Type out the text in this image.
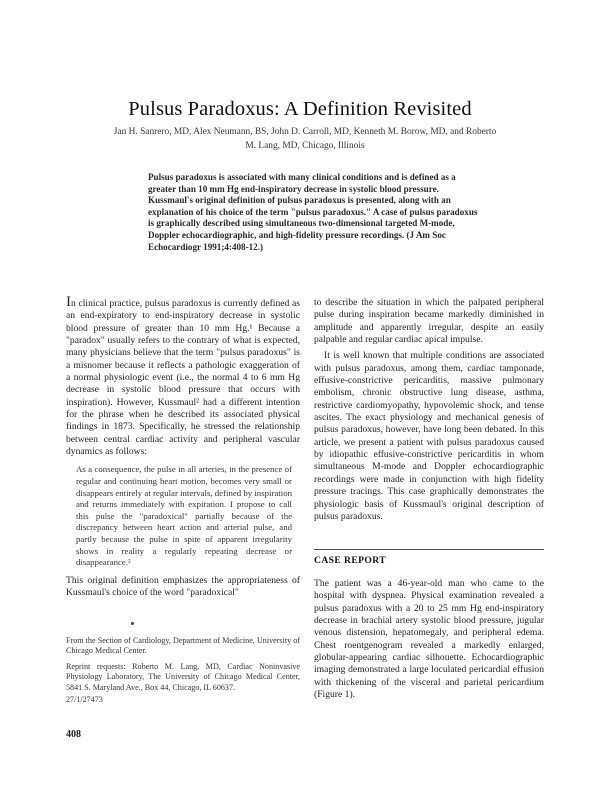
Pulsus Paradoxus: A Definition Revisited
Jan H. Sanrero, MD, Alex Neumann, BS, John D. Carroll, MD, Kenneth M. Borow, MD, and Roberto M. Lang, MD, Chicago, Illinois
Pulsus paradoxus is associated with many clinical conditions and is defined as a greater than 10 mm Hg end-inspiratory decrease in systolic blood pressure. Kussmaul's original definition of pulsus paradoxus is presented, along with an explanation of his choice of the term "pulsus paradoxus." A case of pulsus paradoxus is graphically described using simultaneous two-dimensional targeted M-mode, Doppler echocardiographic, and high-fidelity pressure recordings. (J Am Soc Echocardiogr 1991;4:408-12.)

In clinical practice, pulsus paradoxus is currently defined as an end-expiratory to end-inspiratory decrease in systolic blood pressure of greater than 10 mm Hg.¹ Because a "paradox" usually refers to the contrary of what is expected, many physicians believe that the term "pulsus paradoxus" is a misnomer because it reflects a pathologic exaggeration of a normal physiologic event (i.e., the normal 4 to 6 mm Hg decrease in systolic blood pressure that occurs with inspiration). However, Kussmaul² had a different intention for the phrase when he described its associated physical findings in 1873. Specifically, he stressed the relationship between central cardiac activity and peripheral vascular dynamics as follows:

As a consequence, the pulse in all arteries, in the presence of regular and continuing heart motion, becomes very small or disappears entirely at regular intervals, defined by inspiration and returns immediately with expiration. I propose to call this pulse the "paradoxical" partially because of the discrepancy between heart action and arterial pulse, and partly because the pulse in spite of apparent irregularity shows in reality a regularly repeating decrease or disappearance.²

This original definition emphasizes the appropriateness of Kussmaul's choice of the word "paradoxical"

to describe the situation in which the palpated peripheral pulse during inspiration became markedly diminished in amplitude and apparently irregular, despite an easily palpable and regular cardiac apical impulse.

It is well known that multiple conditions are associated with pulsus paradoxus, among them, cardiac tamponade, effusive-constrictive pericarditis, massive pulmonary embolism, chronic obstructive lung disease, asthma, restrictive cardiomyopathy, hypovolemic shock, and tense ascites. The exact physiology and mechanical genesis of pulsus paradoxus, however, have long been debated. In this article, we present a patient with pulsus paradoxus caused by idiopathic effusive-constrictive pericarditis in whom simultaneous M-mode and Doppler echocardiographic recordings were made in conjunction with high fidelity pressure tracings. This case graphically demonstrates the physiologic basis of Kussmaul's original description of pulsus paradoxus.

CASE REPORT

The patient was a 46-year-old man who came to the hospital with dyspnea. Physical examination revealed a pulsus paradoxus with a 20 to 25 mm Hg end-inspiratory decrease in brachial artery systolic blood pressure, jugular venous distension, hepatomegaly, and peripheral edema. Chest roentgenogram revealed a markedly enlarged, globular-appearing cardiac silhouette. Echocardiographic imaging demonstrated a large loculated pericardial effusion with thickening of the visceral and parietal pericardium (Figure 1).

From the Section of Cardiology, Department of Medicine, University of Chicago Medical Center.

Reprint requests: Roberto M. Lang, MD, Cardiac Noninvasive Physiology Laboratory, The University of Chicago Medical Center, 5841 S. Maryland Ave., Box 44, Chicago, IL 60637.

27/1/27473

408
